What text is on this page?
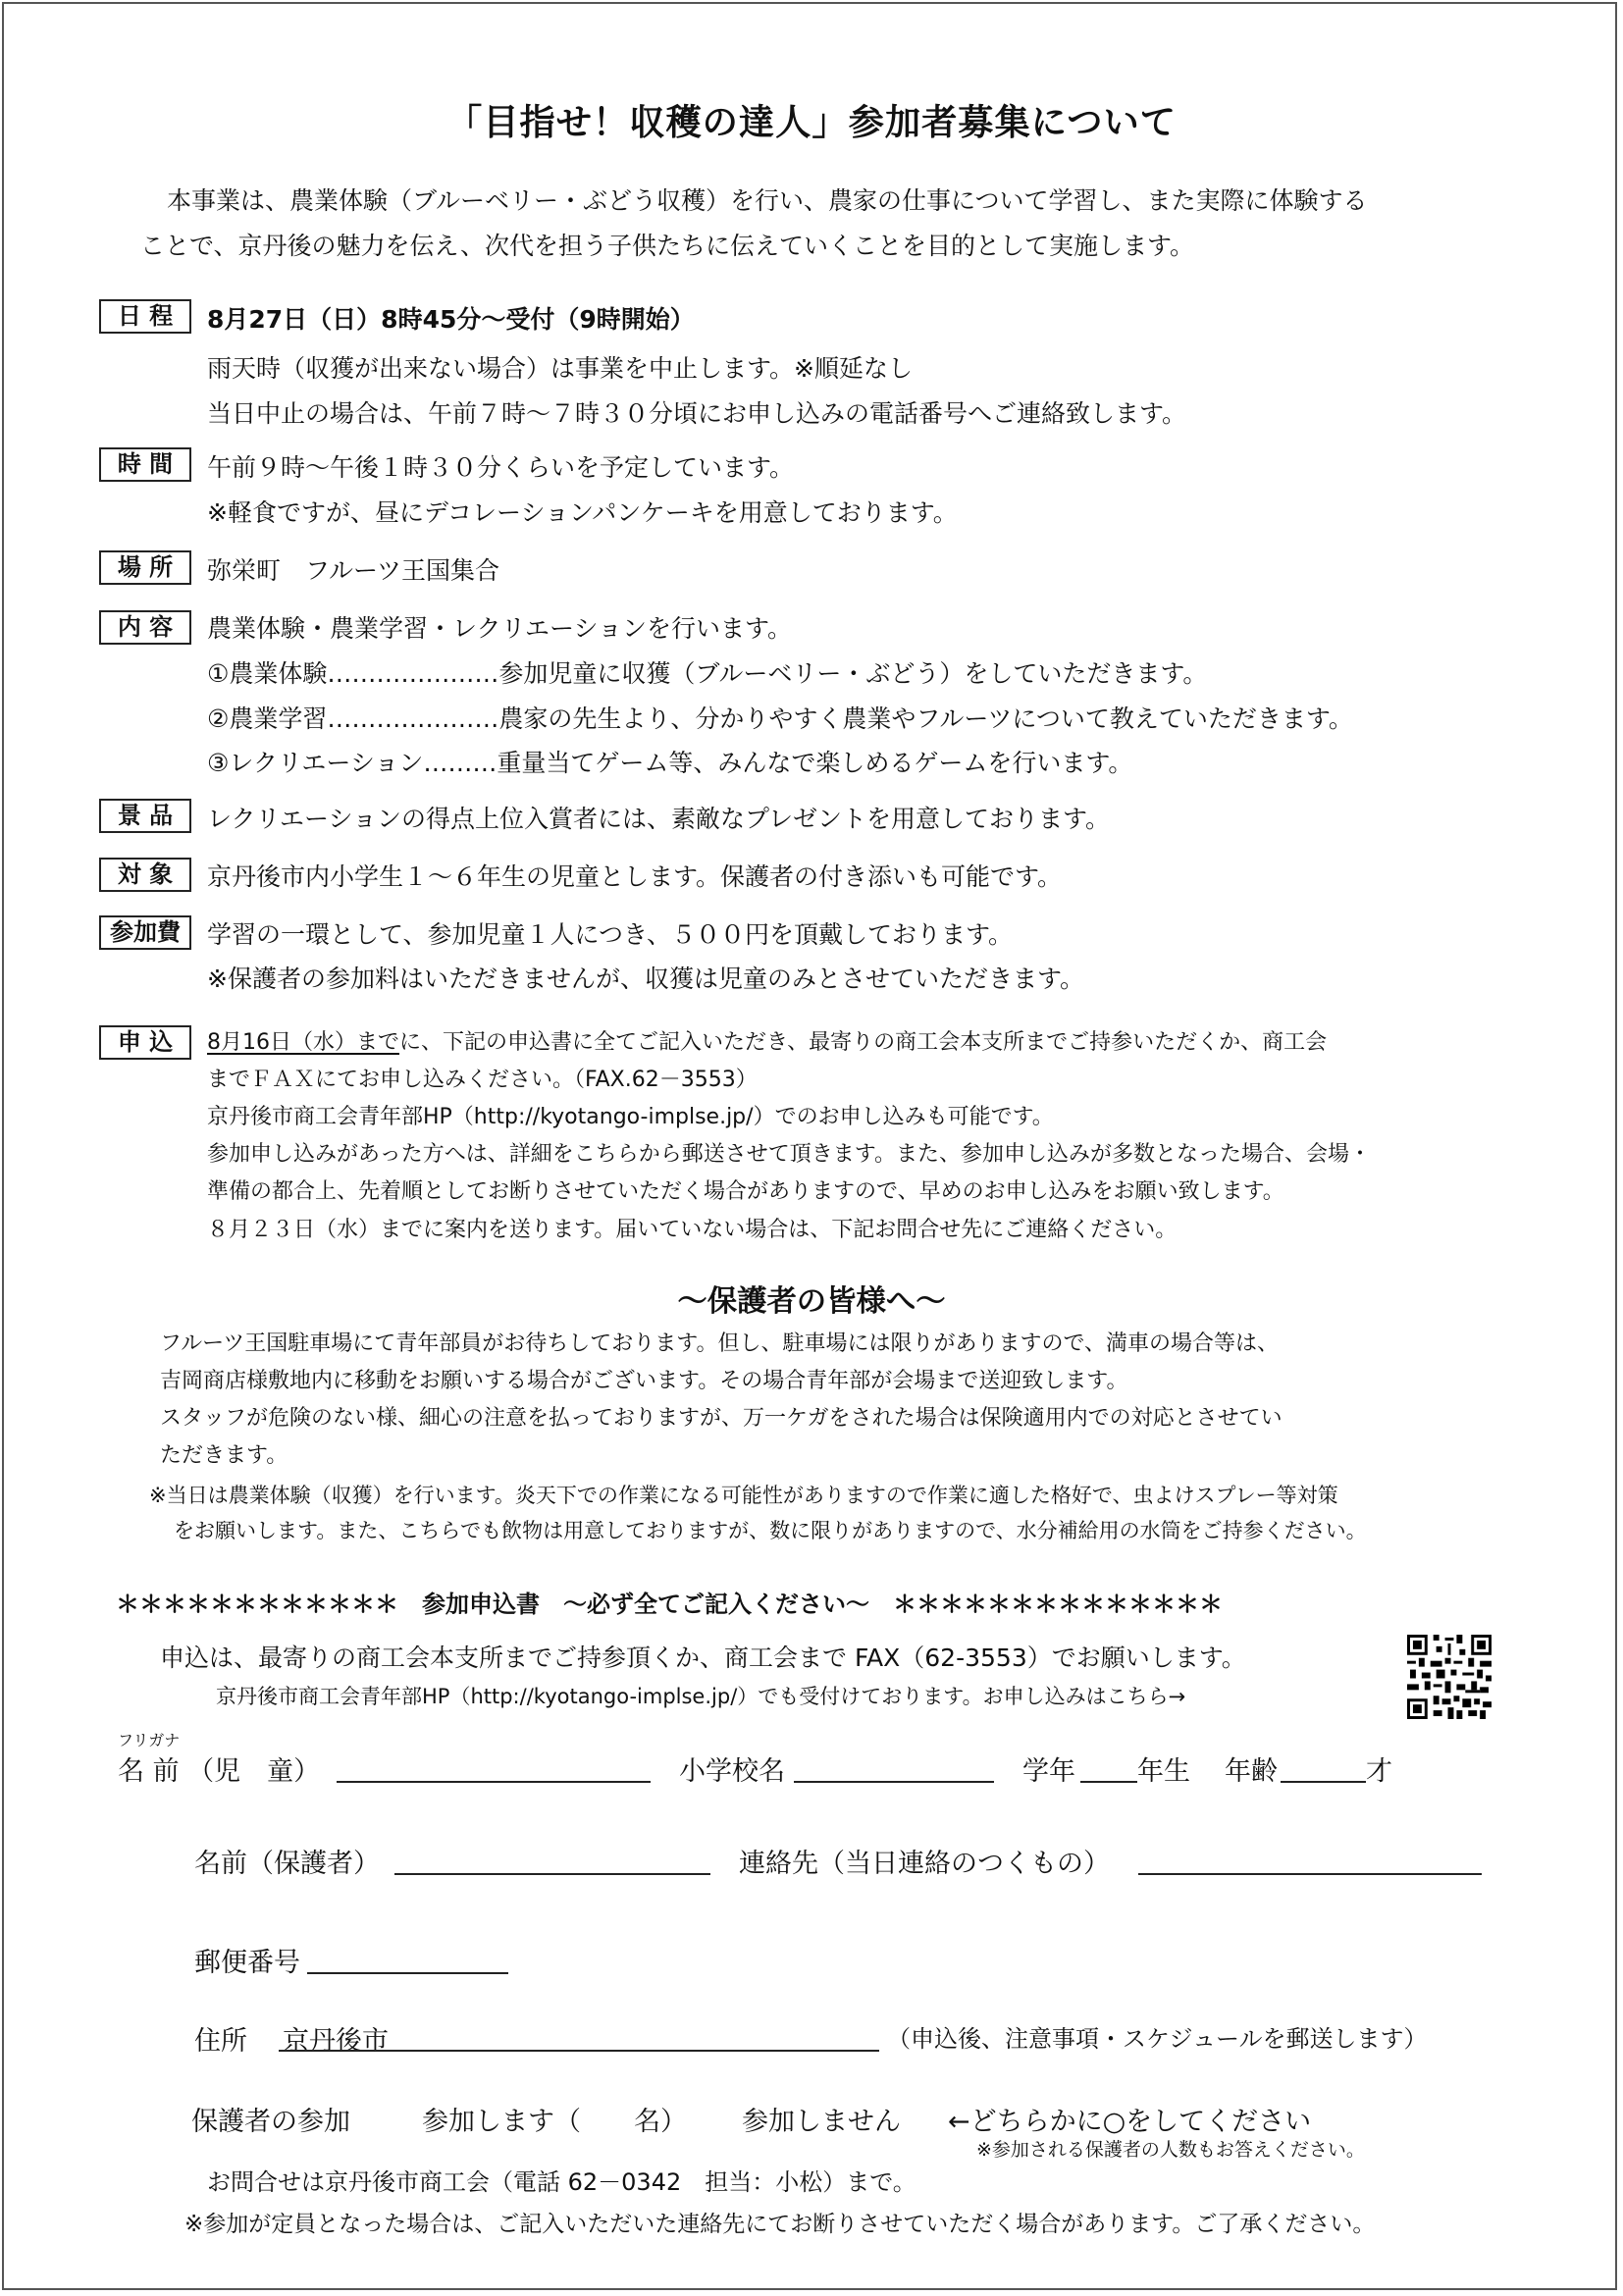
「目指せ！収穫の達人」参加者募集について
本事業は、農業体験（ブルーベリー・ぶどう収穫）を行い、農家の仕事について学習し、また実際に体験する
ことで、京丹後の魅力を伝え、次代を担う子供たちに伝えていくことを目的として実施します。
日 程	8月27日（日）8時45分～受付（9時開始）
雨天時（収獲が出来ない場合）は事業を中止します。※順延なし
当日中止の場合は、午前７時～７時３０分頃にお申し込みの電話番号へご連絡致します。
時 間	午前９時～午後１時３０分くらいを予定しています。
※軽食ですが、昼にデコレーションパンケーキを用意しております。
場 所	弥栄町　フルーツ王国集合
内 容	農業体験・農業学習・レクリエーションを行います。
①農業体験…………………参加児童に収獲（ブルーベリー・ぶどう）をしていただきます。
②農業学習…………………農家の先生より、分かりやすく農業やフルーツについて教えていただきます。
③レクリエーション………重量当てゲーム等、みんなで楽しめるゲームを行います。
景 品	レクリエーションの得点上位入賞者には、素敵なプレゼントを用意しております。
対 象	京丹後市内小学生１～６年生の児童とします。保護者の付き添いも可能です。
参加費	学習の一環として、参加児童１人につき、５００円を頂戴しております。
※保護者の参加料はいただきませんが、収獲は児童のみとさせていただきます。
申 込	8月16日（水）までに、下記の申込書に全てご記入いただき、最寄りの商工会本支所までご持参いただくか、商工会
までＦＡＸにてお申し込みください。（FAX.62－3553）
京丹後市商工会青年部HP（http://kyotango-implse.jp/）でのお申し込みも可能です。
参加申し込みがあった方へは、詳細をこちらから郵送させて頂きます。また、参加申し込みが多数となった場合、会場・
準備の都合上、先着順としてお断りさせていただく場合がありますので、早めのお申し込みをお願い致します。
８月２３日（水）までに案内を送ります。届いていない場合は、下記お問合せ先にご連絡ください。
～保護者の皆様へ～
フルーツ王国駐車場にて青年部員がお待ちしております。但し、駐車場には限りがありますので、満車の場合等は、
吉岡商店様敷地内に移動をお願いする場合がございます。その場合青年部が会場まで送迎致します。
スタッフが危険のない様、細心の注意を払っておりますが、万一ケガをされた場合は保険適用内での対応とさせてい
ただきます。
※当日は農業体験（収獲）を行います。炎天下での作業になる可能性がありますので作業に適した格好で、虫よけスプレー等対策
をお願いします。また、こちらでも飲物は用意しておりますが、数に限りがありますので、水分補給用の水筒をご持参ください。
＊＊＊＊＊＊＊＊＊＊＊＊　参加申込書　～必ず全てご記入ください～　＊＊＊＊＊＊＊＊＊＊＊＊＊＊
申込は、最寄りの商工会本支所までご持参頂くか、商工会まで FAX（62-3553）でお願いします。
京丹後市商工会青年部HP（http://kyotango-implse.jp/）でも受付けております。お申し込みはこちら→
フリガナ
名 前 （児　童）	小学校名	学年 年生 年齢	才
名前（保護者）	連絡先（当日連絡のつくもの）
郵便番号
住所 京丹後市	（申込後、注意事項・スケジュールを郵送します）
保護者の参加	参加します（　　名） 参加しません ←どちらかに○をしてください
※参加される保護者の人数もお答えください。
お問合せは京丹後市商工会（電話 62－0342　担当：小松）まで。
※参加が定員となった場合は、ご記入いただいた連絡先にてお断りさせていただく場合があります。ご了承ください。
